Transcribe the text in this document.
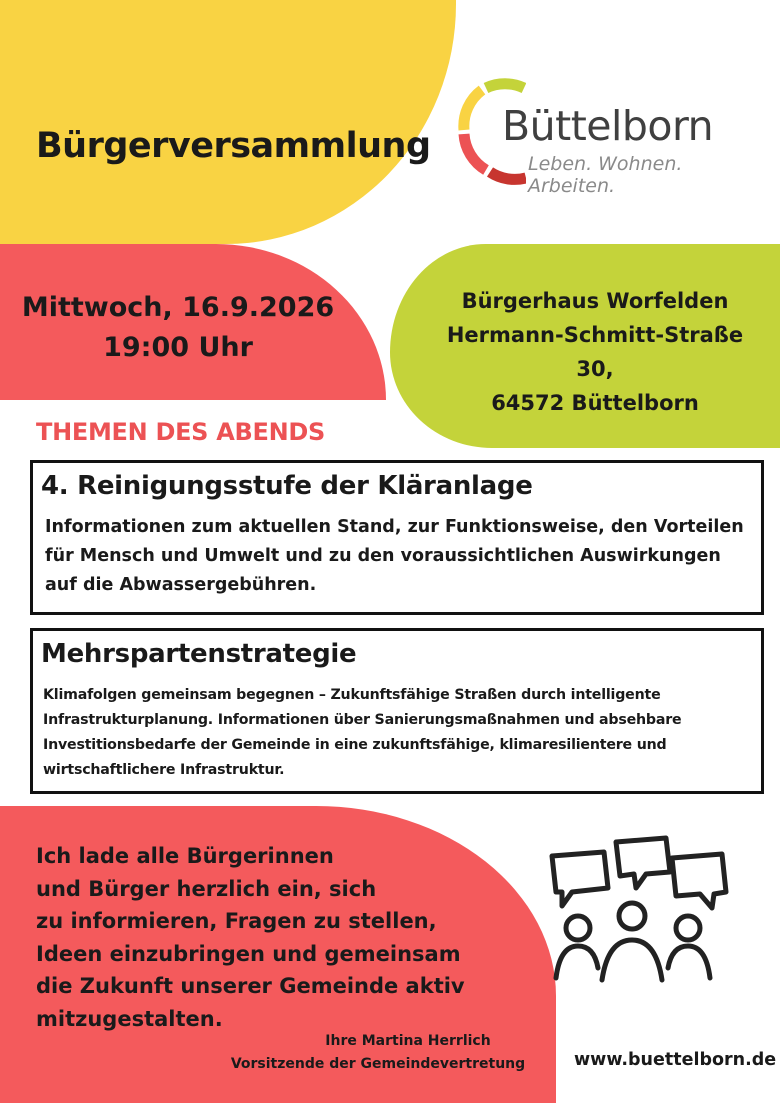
Bürgerversammlung Büttelborn
Leben. Wohnen. Arbeiten.
Mittwoch, 16.9.2026
19:00 Uhr
Bürgerhaus Worfelden
Hermann-Schmitt-Straße 30,
64572 Büttelborn
THEMEN DES ABENDS
4. Reinigungsstufe der Kläranlage

Informationen zum aktuellen Stand, zur Funktionsweise, den Vorteilen für Mensch und Umwelt und zu den voraussichtlichen Auswirkungen auf die Abwassergebühren.

Mehrspartenstrategie

Klimafolgen gemeinsam begegnen – Zukunftsfähige Straßen durch intelligente Infrastrukturplanung. Informationen über Sanierungsmaßnahmen und absehbare Investitionsbedarfe der Gemeinde in eine zukunftsfähige, klimaresilientere und wirtschaftlichere Infrastruktur.

Ich lade alle Bürgerinnen
und Bürger herzlich ein, sich
zu informieren, Fragen zu stellen,
Ideen einzubringen und gemeinsam
die Zukunft unserer Gemeinde aktiv
mitzugestalten.
Ihre Martina Herrlich
Vorsitzende der Gemeindevertretung	www.buettelborn.de
